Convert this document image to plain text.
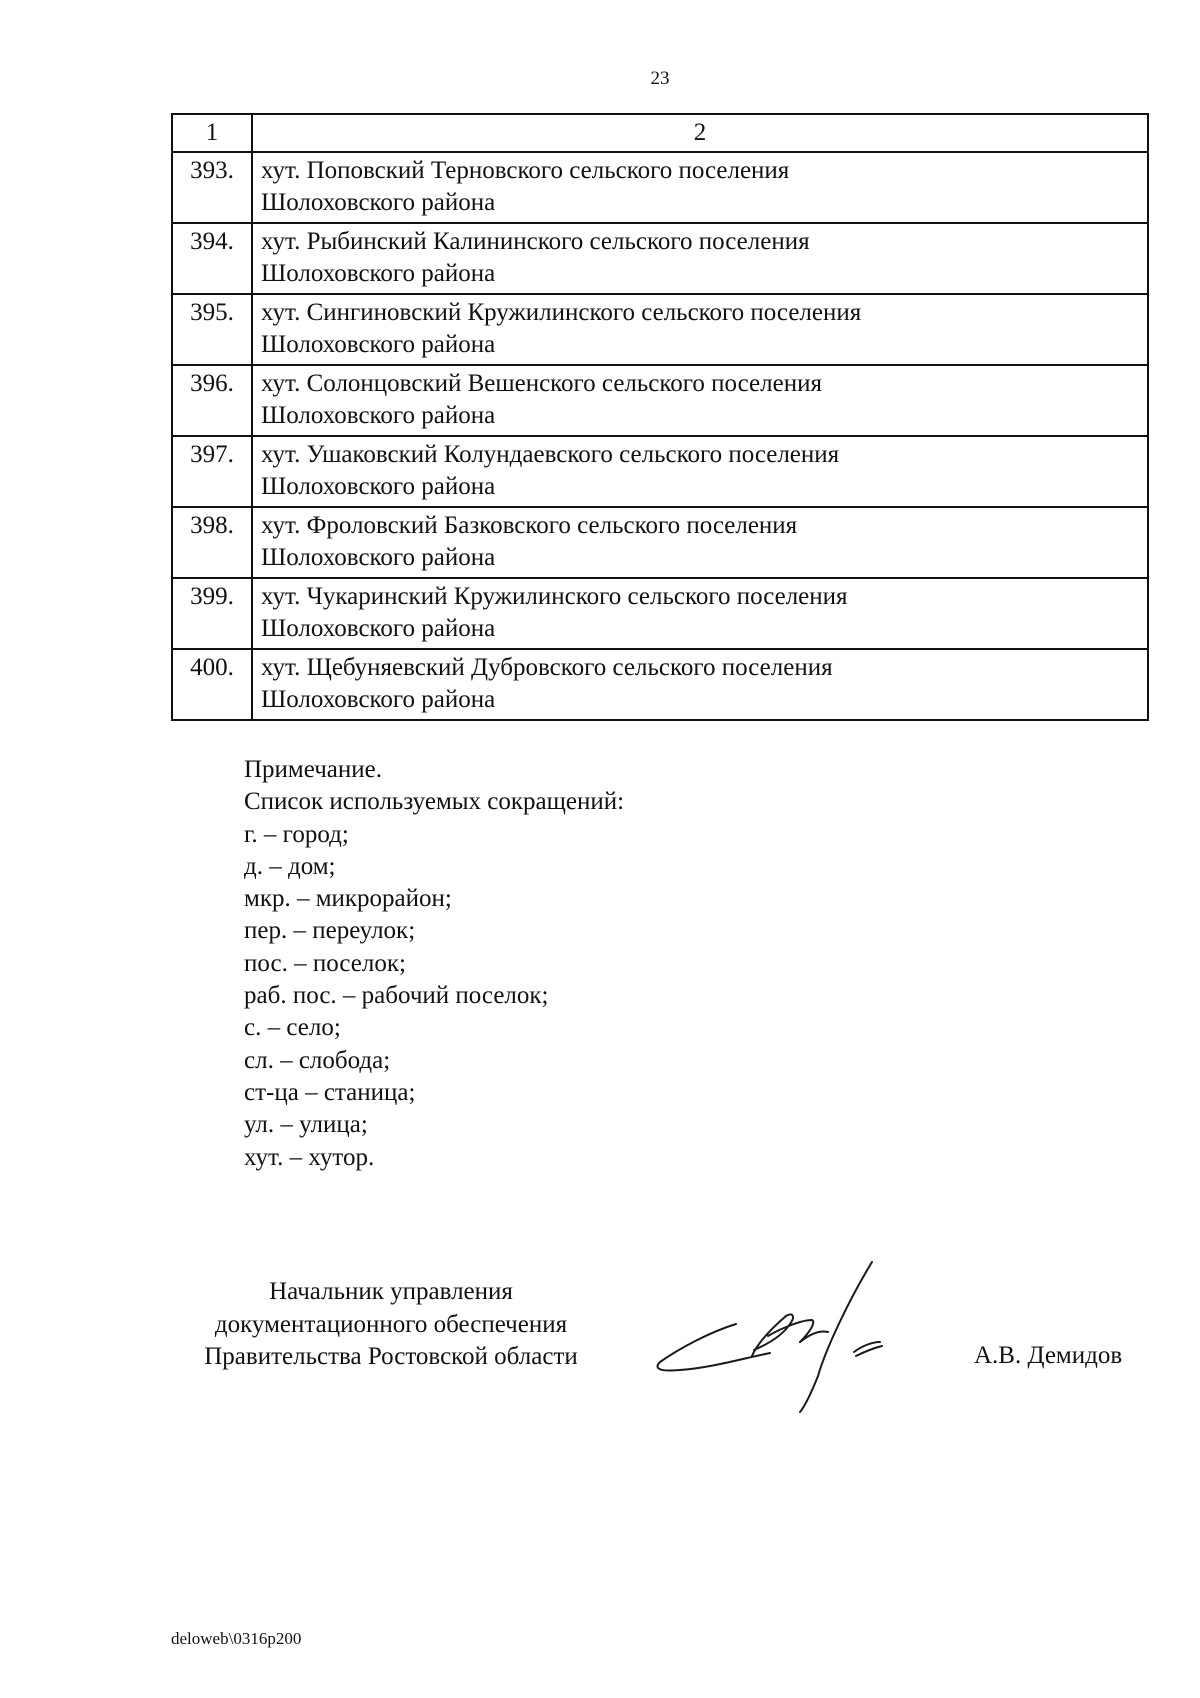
23
1	2
393.	хут. Поповский Терновского сельского поселения
Шолоховского района

394.	хут. Рыбинский Калининского сельского поселения
Шолоховского района

395.	хут. Сингиновский Кружилинского сельского поселения
Шолоховского района

396.	хут. Солонцовский Вешенского сельского поселения
Шолоховского района

397.	хут. Ушаковский Колундаевского сельского поселения
Шолоховского района

398.	хут. Фроловский Базковского сельского поселения
Шолоховского района

399.	хут. Чукаринский Кружилинского сельского поселения
Шолоховского района

400.	хут. Щебуняевский Дубровского сельского поселения
Шолоховского района
Примечание.
Список используемых сокращений:
г. – город;
д. – дом;
мкр. – микрорайон;
пер. – переулок;
пос. – поселок;
раб. пос. – рабочий поселок;
с. – село;
сл. – слобода;
ст-ца – станица;
ул. – улица;
хут. – хутор.
Начальник управления
документационного обеспечения
Правительства Ростовской области	А.В. Демидов
deloweb\0316p200
